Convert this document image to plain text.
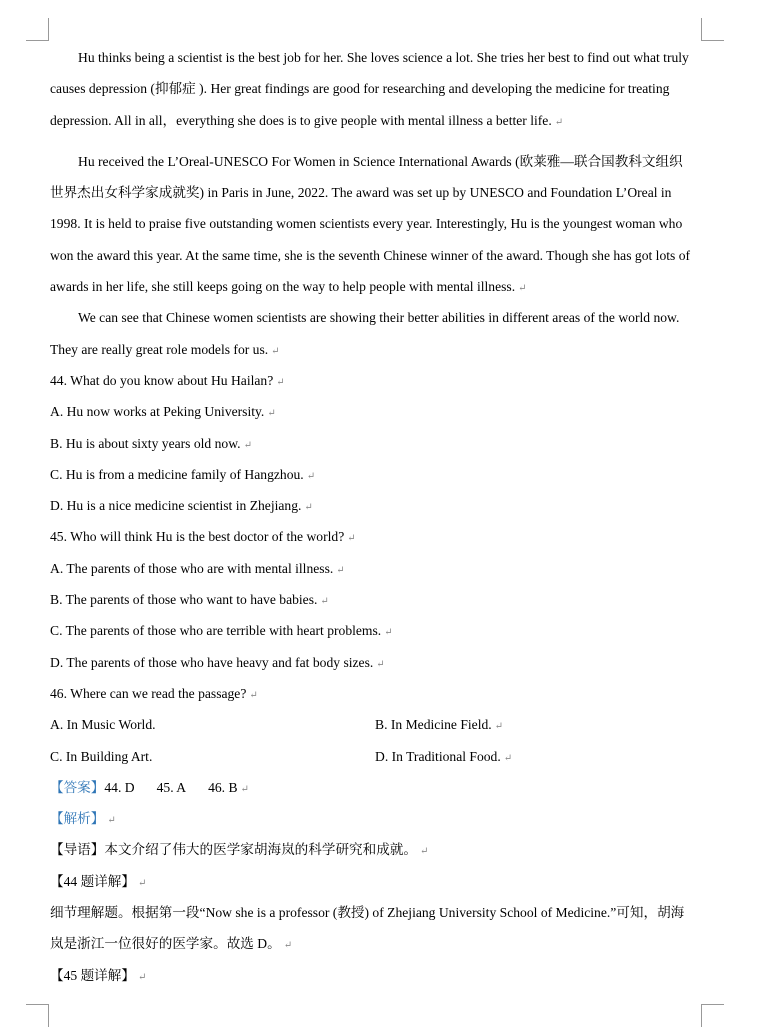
Hu thinks being a scientist is the best job for her. She loves science a lot. She tries her best to find out what truly
causes depression (抑郁症 ). Her great findings are good for researching and developing the medicine for treating
depression. All in all，everything she does is to give people with mental illness a better life. ↵
Hu received the L’Oreal-UNESCO For Women in Science International Awards (欧莱雅—联合国教科文组织
世界杰出女科学家成就奖) in Paris in June, 2022. The award was set up by UNESCO and Foundation L’Oreal in
1998. It is held to praise five outstanding women scientists every year. Interestingly, Hu is the youngest woman who
won the award this year. At the same time, she is the seventh Chinese winner of the award. Though she has got lots of
awards in her life, she still keeps going on the way to help people with mental illness. ↵
We can see that Chinese women scientists are showing their better abilities in different areas of the world now.
They are really great role models for us. ↵
44. What do you know about Hu Hailan? ↵
A. Hu now works at Peking University. ↵
B. Hu is about sixty years old now. ↵
C. Hu is from a medicine family of Hangzhou. ↵
D. Hu is a nice medicine scientist in Zhejiang. ↵
45. Who will think Hu is the best doctor of the world? ↵
A. The parents of those who are with mental illness. ↵
B. The parents of those who want to have babies. ↵
C. The parents of those who are terrible with heart problems. ↵
D. The parents of those who have heavy and fat body sizes. ↵
46. Where can we read the passage? ↵
A. In Music World.	B. In Medicine Field. ↵
C. In Building Art.	D. In Traditional Food. ↵
【答案】44. D 45. A 46. B ↵
【解析】 ↵
【导语】本文介绍了伟大的医学家胡海岚的科学研究和成就。 ↵
【44 题详解】 ↵
细节理解题。根据第一段“Now she is a professor (教授) of Zhejiang University School of Medicine.”可知，胡海
岚是浙江一位很好的医学家。故选 D。 ↵
【45 题详解】 ↵
